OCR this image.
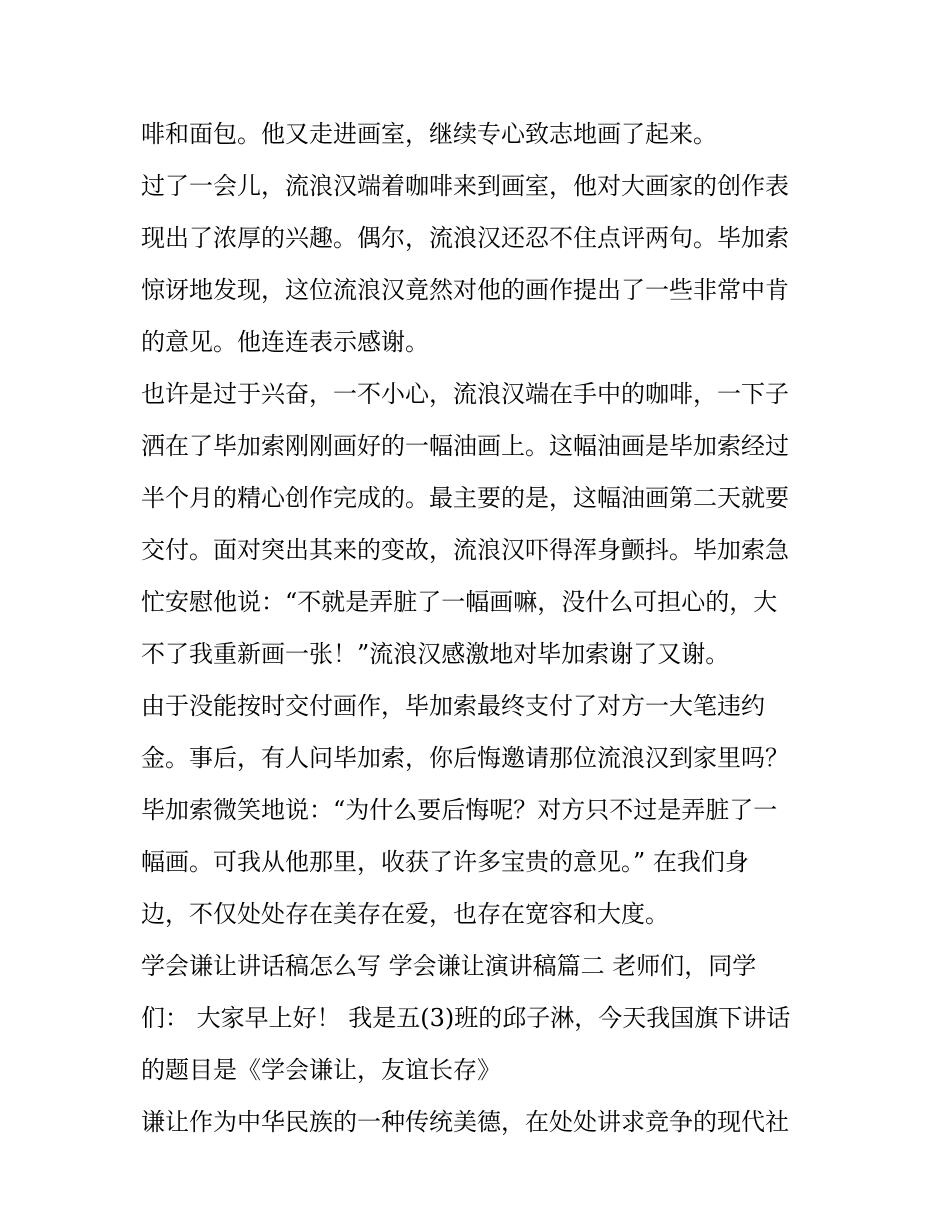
啡和面包。他又走进画室，继续专心致志地画了起来。
过了一会儿，流浪汉端着咖啡来到画室，他对大画家的创作表
现出了浓厚的兴趣。偶尔，流浪汉还忍不住点评两句。毕加索
惊讶地发现，这位流浪汉竟然对他的画作提出了一些非常中肯
的意见。他连连表示感谢。
也许是过于兴奋，一不小心，流浪汉端在手中的咖啡，一下子
洒在了毕加索刚刚画好的一幅油画上。这幅油画是毕加索经过
半个月的精心创作完成的。最主要的是，这幅油画第二天就要
交付。面对突出其来的变故，流浪汉吓得浑身颤抖。毕加索急
忙安慰他说：“不就是弄脏了一幅画嘛，没什么可担心的，大
不了我重新画一张！”流浪汉感激地对毕加索谢了又谢。
由于没能按时交付画作，毕加索最终支付了对方一大笔违约
金。事后，有人问毕加索，你后悔邀请那位流浪汉到家里吗？
毕加索微笑地说：“为什么要后悔呢？对方只不过是弄脏了一
幅画。可我从他那里，收获了许多宝贵的意见。” 在我们身
边，不仅处处存在美存在爱，也存在宽容和大度。
学会谦让讲话稿怎么写 学会谦让演讲稿篇二 老师们，同学
们： 大家早上好！ 我是五(3)班的邱子淋，今天我国旗下讲话
的题目是《学会谦让，友谊长存》
谦让作为中华民族的一种传统美德，在处处讲求竞争的现代社
